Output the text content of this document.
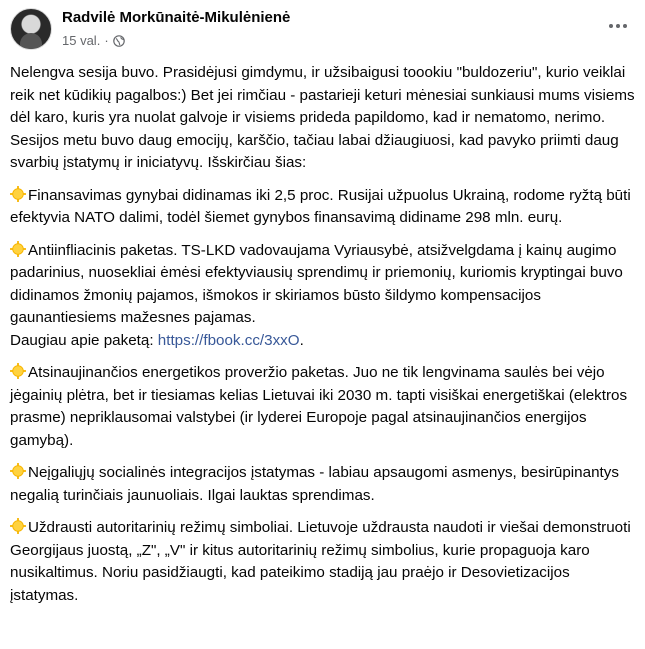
Radvilė Morkūnaitė-Mikulėnienė
15 val. ·

Nelengva sesija buvo. Prasidėjusi gimdymu, ir užsibaigusi toookiu "buldozeriu", kurio veiklai reik net kūdikių pagalbos:) Bet jei rimčiau - pastarieji keturi mėnesiai sunkiausi mums visiems dėl karo, kuris yra nuolat galvoje ir visiems prideda papildomo, kad ir nematomo, nerimo. Sesijos metu buvo daug emocijų, karščio, tačiau labai džiaugiuosi, kad pavyko priimti daug svarbių įstatymų ir iniciatyvų. Išskirčiau šias:

Finansavimas gynybai didinamas iki 2,5 proc. Rusijai užpuolus Ukrainą, rodome ryžtą būti efektyvia NATO dalimi, todėl šiemet gynybos finansavimą didiname 298 mln. eurų.

Antiinfliacinis paketas. TS-LKD vadovaujama Vyriausybė, atsižvelgdama į kainų augimo padarinius, nuosekliai ėmėsi efektyviausių sprendimų ir priemonių, kuriomis kryptingai buvo didinamos žmonių pajamos, išmokos ir skiriamos būsto šildymo kompensacijos gaunantiesiems mažesnes pajamas.
Daugiau apie paketą: https://fbook.cc/3xxO.

Atsinaujinančios energetikos proveržio paketas. Juo ne tik lengvinama saulės bei vėjo jėgainių plėtra, bet ir tiesiamas kelias Lietuvai iki 2030 m. tapti visiškai energetiškai (elektros prasme) nepriklausomai valstybei (ir lyderei Europoje pagal atsinaujinančios energijos gamybą).

Neįgaliųjų socialinės integracijos įstatymas - labiau apsaugomi asmenys, besirūpinantys negalią turinčiais jaunuoliais. Ilgai lauktas sprendimas.

Uždrausti autoritarinių režimų simboliai. Lietuvoje uždrausta naudoti ir viešai demonstruoti Georgijaus juostą, „Z", „V" ir kitus autoritarinių režimų simbolius, kurie propaguoja karo nusikaltimus. Noriu pasidžiaugti, kad pateikimo stadiją jau praėjo ir Desovietizacijos įstatymas.
